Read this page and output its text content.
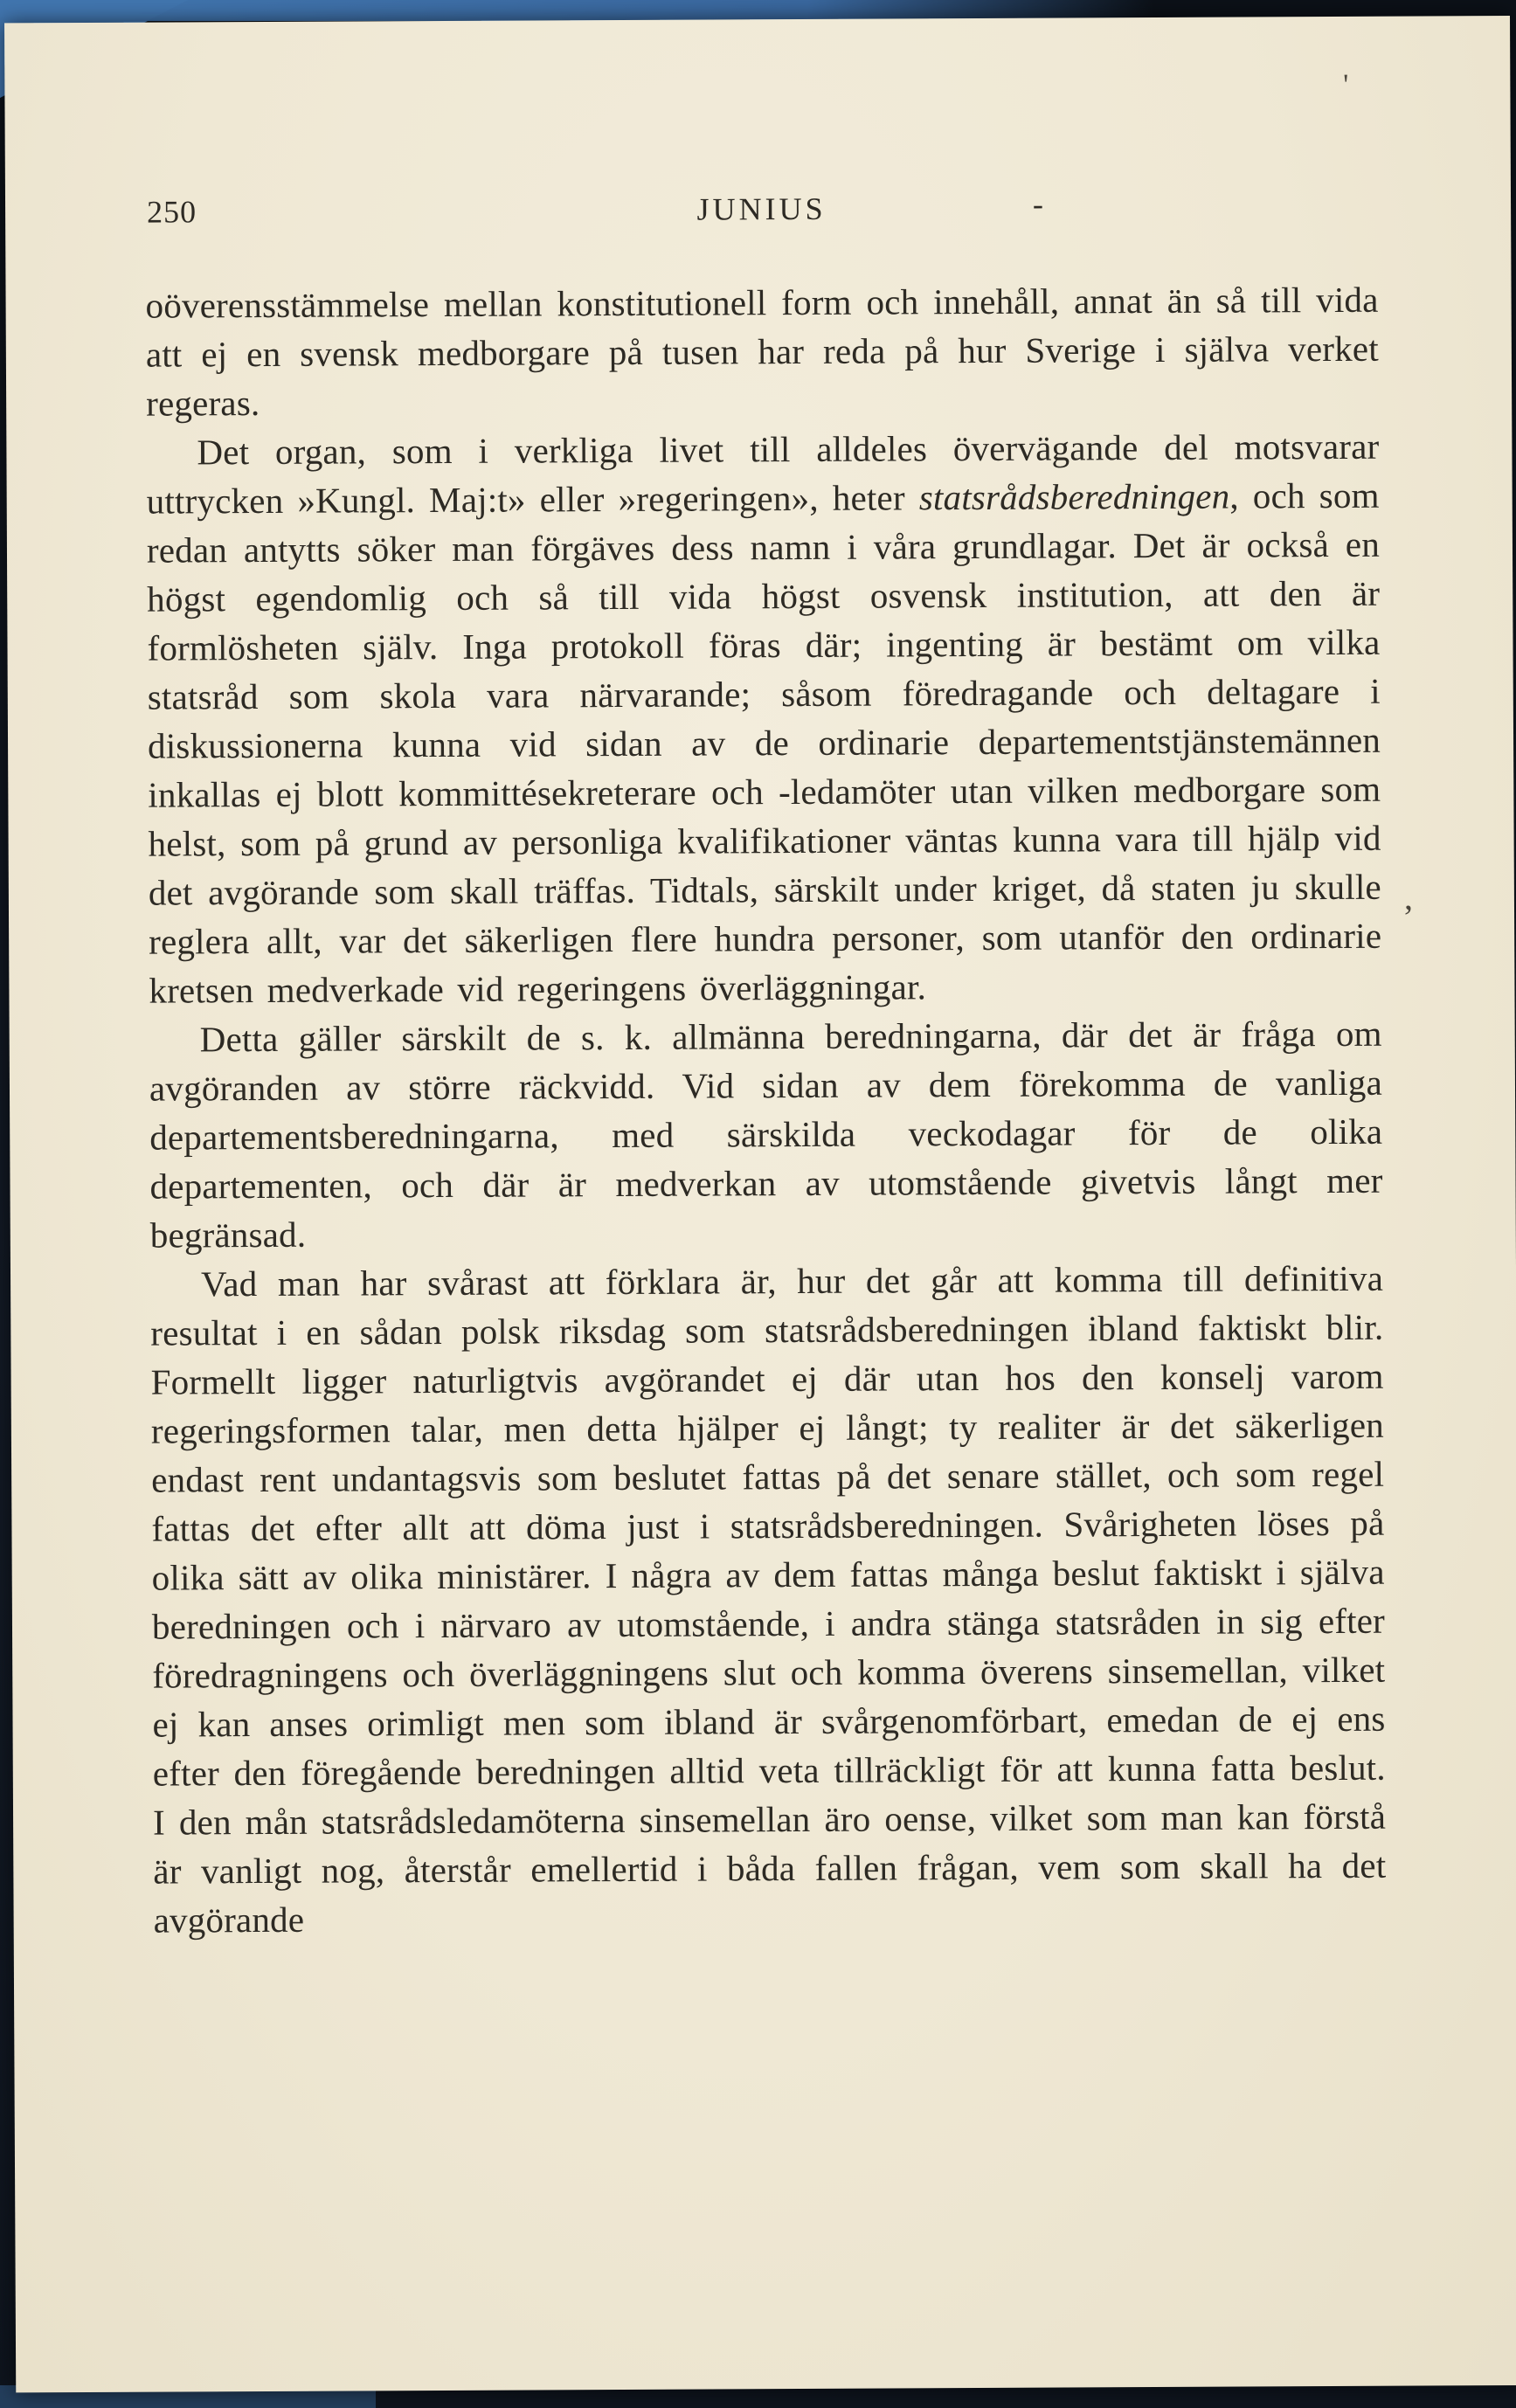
250	JUNIUS	-

oöverensstämmelse mellan konstitutionell form och innehåll, annat än så till vida att ej en svensk medborgare på tusen har reda på hur Sverige i själva verket regeras.

Det organ, som i verkliga livet till alldeles övervägande del motsvarar uttrycken »Kungl. Maj:t» eller »regeringen», heter statsrådsberedningen, och som redan antytts söker man förgäves dess namn i våra grundlagar. Det är också en högst egendomlig och så till vida högst osvensk institution, att den är formlösheten själv. Inga protokoll föras där; ingenting är bestämt om vilka statsråd som skola vara närvarande; såsom föredragande och deltagare i diskussionerna kunna vid sidan av de ordinarie departementstjänstemännen inkallas ej blott kommittésekreterare och -ledamöter utan vilken medborgare som helst, som på grund av personliga kvalifikationer väntas kunna vara till hjälp vid det avgörande som skall träffas. Tidtals, särskilt under kriget, då staten ju skulle reglera allt, var det säkerligen flere hundra personer, som utanför den ordinarie kretsen medverkade vid regeringens överläggningar.

Detta gäller särskilt de s. k. allmänna beredningarna, där det är fråga om avgöranden av större räckvidd. Vid sidan av dem förekomma de vanliga departementsberedningarna, med särskilda veckodagar för de olika departementen, och där är medverkan av utomstående givetvis långt mer begränsad.

Vad man har svårast att förklara är, hur det går att komma till definitiva resultat i en sådan polsk riksdag som statsrådsberedningen ibland faktiskt blir. Formellt ligger naturligtvis avgörandet ej där utan hos den konselj varom regeringsformen talar, men detta hjälper ej långt; ty realiter är det säkerligen endast rent undantagsvis som beslutet fattas på det senare stället, och som regel fattas det efter allt att döma just i statsrådsberedningen. Svårigheten löses på olika sätt av olika ministärer. I några av dem fattas många beslut faktiskt i själva beredningen och i närvaro av utomstående, i andra stänga statsråden in sig efter föredragningens och överläggningens slut och komma överens sinsemellan, vilket ej kan anses orimligt men som ibland är svårgenomförbart, emedan de ej ens efter den föregående beredningen alltid veta tillräckligt för att kunna fatta beslut. I den mån statsrådsledamöterna sinsemellan äro oense, vilket som man kan förstå är vanligt nog, återstår emellertid i båda fallen frågan, vem som skall ha det avgörande

'
,
